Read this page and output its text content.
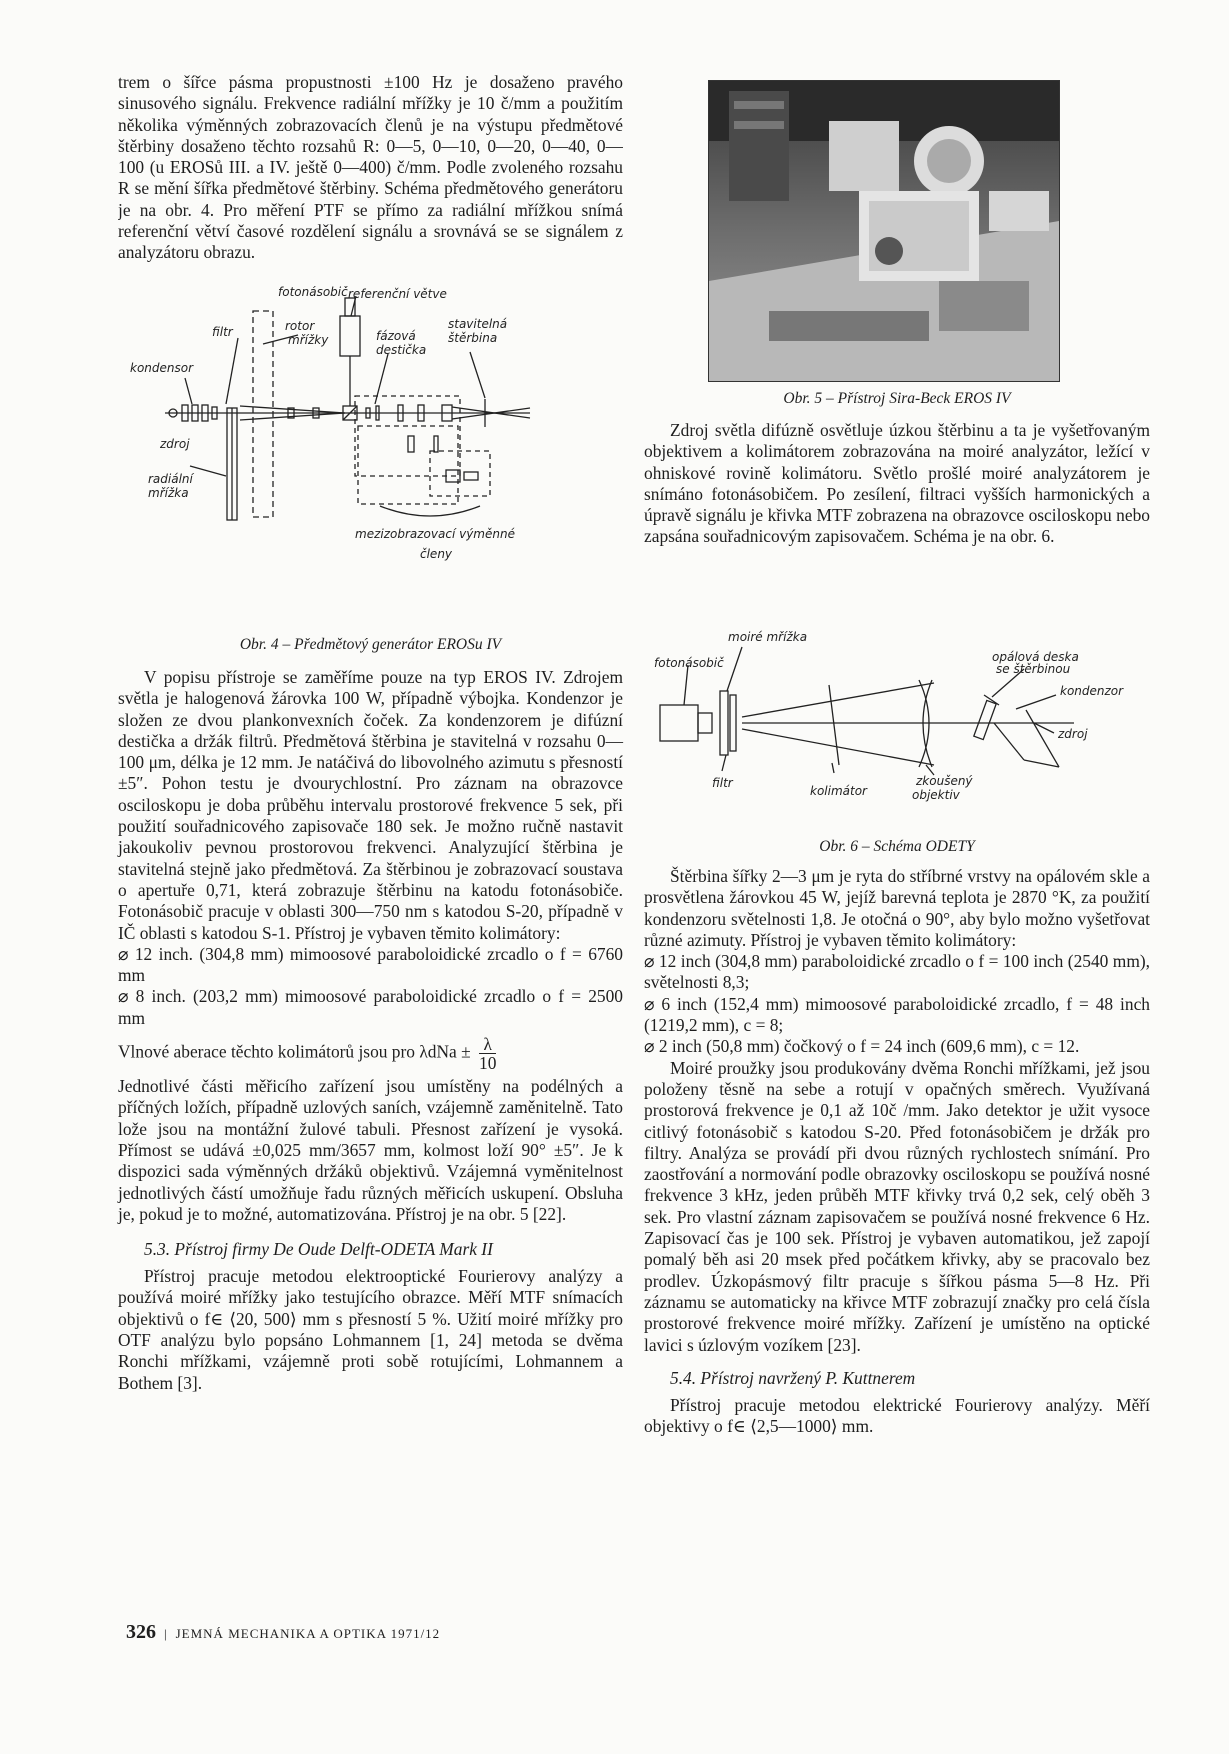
trem o šířce pásma propustnosti ±100 Hz je dosaženo pravého sinusového signálu. Frekvence radiální mřížky je 10 č/mm a použitím několika výměnných zobrazovacích členů je na výstupu předmětové štěrbiny dosaženo těchto rozsahů R: 0—5, 0—10, 0—20, 0—40, 0—100 (u EROSů III. a IV. ještě 0—400) č/mm. Podle zvoleného rozsahu R se mění šířka předmětové štěrbiny. Schéma předmětového generátoru je na obr. 4. Pro měření PTF se přímo za radiální mřížkou snímá referenční větví časové rozdělení signálu a srovnává se se signálem z analyzátoru obrazu.

fotonásobič referenční větve
filtr	rotor
mřížky	fázová
destička
stavitelná
štěrbina
kondensor
zdroj
radiální
mřížka
mezizobrazovací výměnné
členy

Obr. 4 – Předmětový generátor EROSu IV

V popisu přístroje se zaměříme pouze na typ EROS IV. Zdrojem světla je halogenová žárovka 100 W, případně výbojka. Kondenzor je složen ze dvou plankonvexních čoček. Za kondenzorem je difúzní destička a držák filtrů. Předmětová štěrbina je stavitelná v rozsahu 0—100 μm, délka je 12 mm. Je natáčivá do libovolného azimutu s přesností ±5″. Pohon testu je dvourychlostní. Pro záznam na obrazovce osciloskopu je doba průběhu intervalu prostorové frekvence 5 sek, při použití souřadnicového zapisovače 180 sek. Je možno ručně nastavit jakoukoliv pevnou prostorovou frekvenci. Analyzující štěrbina je stavitelná stejně jako předmětová. Za štěrbinou je zobrazovací soustava o apertuře 0,71, která zobrazuje štěrbinu na katodu fotonásobiče. Fotonásobič pracuje v oblasti 300—750 nm s katodou S-20, případně v IČ oblasti s katodou S-1. Přístroj je vybaven těmito kolimátory:

⌀ 12 inch. (304,8 mm) mimoosové paraboloidické zrcadlo o f = 6760 mm

⌀ 8 inch. (203,2 mm) mimoosové paraboloidické zrcadlo o f = 2500 mm

Vlnové aberace těchto kolimátorů jsou pro $\lambda dNa \pm \frac{\lambda}{10}$

Jednotlivé části měřicího zařízení jsou umístěny na podélných a příčných ložích, případně uzlových saních, vzájemně zaměnitelně. Tato lože jsou na montážní žulové tabuli. Přesnost zařízení je vysoká. Přímost se udává ±0,025 mm/3657 mm, kolmost loží 90° ±5″. Je k dispozici sada výměnných držáků objektivů. Vzájemná vyměnitelnost jednotlivých částí umožňuje řadu různých měřicích uskupení. Obsluha je, pokud je to možné, automatizována. Přístroj je na obr. 5 [22].

5.3. Přístroj firmy De Oude Delft-ODETA Mark II

Přístroj pracuje metodou elektrooptické Fourierovy analýzy a používá moiré mřížky jako testujícího obrazce. Měří MTF snímacích objektivů o f∈ ⟨20, 500⟩ mm s přesností 5 %. Užití moiré mřížky pro OTF analýzu bylo popsáno Lohmannem [1, 24] metoda se dvěma Ronchi mřížkami, vzájemně proti sobě rotujícími, Lohmannem a Bothem [3].

Obr. 5 – Přístroj Sira-Beck EROS IV

Zdroj světla difúzně osvětluje úzkou štěrbinu a ta je vyšetřovaným objektivem a kolimátorem zobrazována na moiré analyzátor, ležící v ohniskové rovině kolimátoru. Světlo prošlé moiré analyzátorem je snímáno fotonásobičem. Po zesílení, filtraci vyšších harmonických a úpravě signálu je křivka MTF zobrazena na obrazovce osciloskopu nebo zapsána souřadnicovým zapisovačem. Schéma je na obr. 6.

moiré mřížka
fotonásobič	opálová deska
se štěrbinou
kondenzor
zdroj
filtr
kolimátor
zkoušený
objektiv

Obr. 6 – Schéma ODETY

Štěrbina šířky 2—3 μm je ryta do stříbrné vrstvy na opálovém skle a prosvětlena žárovkou 45 W, jejíž barevná teplota je 2870 °K, za použití kondenzoru světelnosti 1,8. Je otočná o 90°, aby bylo možno vyšetřovat různé azimuty. Přístroj je vybaven těmito kolimátory:

⌀ 12 inch (304,8 mm) paraboloidické zrcadlo o f = 100 inch (2540 mm), světelnosti 8,3;

⌀ 6 inch (152,4 mm) mimoosové paraboloidické zrcadlo, f = 48 inch (1219,2 mm), c = 8;

⌀ 2 inch (50,8 mm) čočkový o f = 24 inch (609,6 mm), c = 12.

Moiré proužky jsou produkovány dvěma Ronchi mřížkami, jež jsou položeny těsně na sebe a rotují v opačných směrech. Využívaná prostorová frekvence je 0,1 až 10č /mm. Jako detektor je užit vysoce citlivý fotonásobič s katodou S-20. Před fotonásobičem je držák pro filtry. Analýza se provádí při dvou různých rychlostech snímání. Pro zaostřování a normování podle obrazovky osciloskopu se používá nosné frekvence 3 kHz, jeden průběh MTF křivky trvá 0,2 sek, celý oběh 3 sek. Pro vlastní záznam zapisovačem se používá nosné frekvence 6 Hz. Zapisovací čas je 100 sek. Přístroj je vybaven automatikou, jež zapojí pomalý běh asi 20 msek před počátkem křivky, aby se pracovalo bez prodlev. Úzkopásmový filtr pracuje s šířkou pásma 5—8 Hz. Při záznamu se automaticky na křivce MTF zobrazují značky pro celá čísla prostorové frekvence moiré mřížky. Zařízení je umístěno na optické lavici s úzlovým vozíkem [23].

5.4. Přístroj navržený P. Kuttnerem

Přístroj pracuje metodou elektrické Fourierovy analýzy. Měří objektivy o f∈ ⟨2,5—1000⟩ mm.

326 | JEMNÁ MECHANIKA A OPTIKA 1971/12
